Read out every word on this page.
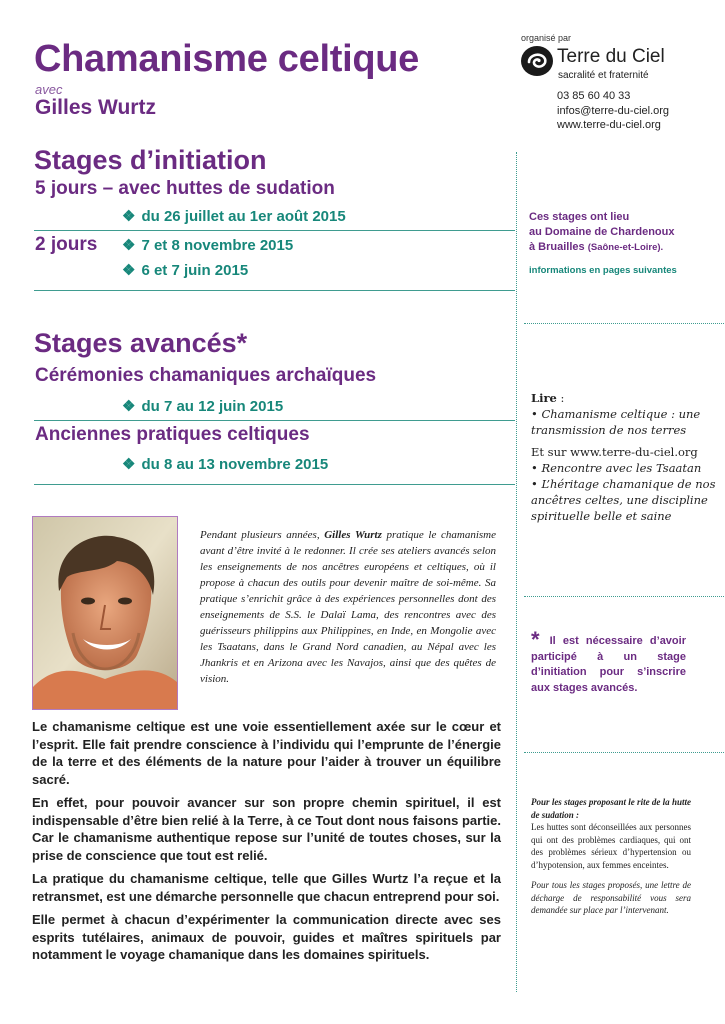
Chamanisme celtique
avec
Gilles Wurtz
organisé par
Terre du Ciel
sacralité et fraternité
03 85 60 40 33
infos@terre-du-ciel.org
www.terre-du-ciel.org
Stages d’initiation
5 jours – avec huttes de sudation
❖ du 26 juillet au 1er août 2015
2 jours ❖ 7 et 8 novembre 2015
❖ 6 et 7 juin 2015
Stages avancés*
Cérémonies chamaniques archaïques
❖ du 7 au 12 juin 2015
Anciennes pratiques celtiques
❖ du 8 au 13 novembre 2015
Ces stages ont lieu
au Domaine de Chardenoux
à Bruailles (Saône-et-Loire).
informations en pages suivantes
Lire :
• Chamanisme celtique : une transmission de nos terres
Et sur www.terre-du-ciel.org
• Rencontre avec les Tsaatan
• L’héritage chamanique de nos ancêtres celtes, une discipline spirituelle belle et saine
* Il est nécessaire d’avoir participé à un stage d’initiation pour s’inscrire aux stages avancés.
Pour les stages proposant le rite de la hutte de sudation :
Les huttes sont déconseillées aux personnes qui ont des problèmes cardiaques, qui ont des problèmes sérieux d’hypertension ou d’hypotension, aux femmes enceintes.
Pour tous les stages proposés, une lettre de décharge de responsabilité vous sera demandée sur place par l’intervenant.
Pendant plusieurs années, Gilles Wurtz pratique le chamanisme avant d’être invité à le redonner. Il crée ses ateliers avancés selon les enseignements de nos ancêtres européens et celtiques, où il propose à chacun des outils pour devenir maître de soi-même. Sa pratique s’enrichit grâce à des expériences personnelles dont des enseignements de S.S. le Dalaï Lama, des rencontres avec des guérisseurs philippins aux Philippines, en Inde, en Mongolie avec les Tsaatans, dans le Grand Nord canadien, au Népal avec les Jhankris et en Arizona avec les Navajos, ainsi que des quêtes de vision.

Le chamanisme celtique est une voie essentiellement axée sur le cœur et l’esprit. Elle fait prendre conscience à l’individu qui l’emprunte de l’énergie de la terre et des éléments de la nature pour l’aider à trouver un équilibre sacré.

En effet, pour pouvoir avancer sur son propre chemin spirituel, il est indispensable d’être bien relié à la Terre, à ce Tout dont nous faisons partie. Car le chamanisme authentique repose sur l’unité de toutes choses, sur la prise de conscience que tout est relié.

La pratique du chamanisme celtique, telle que Gilles Wurtz l’a reçue et la retransmet, est une démarche personnelle que chacun entreprend pour soi.

Elle permet à chacun d’expérimenter la communication directe avec ses esprits tutélaires, animaux de pouvoir, guides et maîtres spirituels par notamment le voyage chamanique dans les domaines spirituels.
